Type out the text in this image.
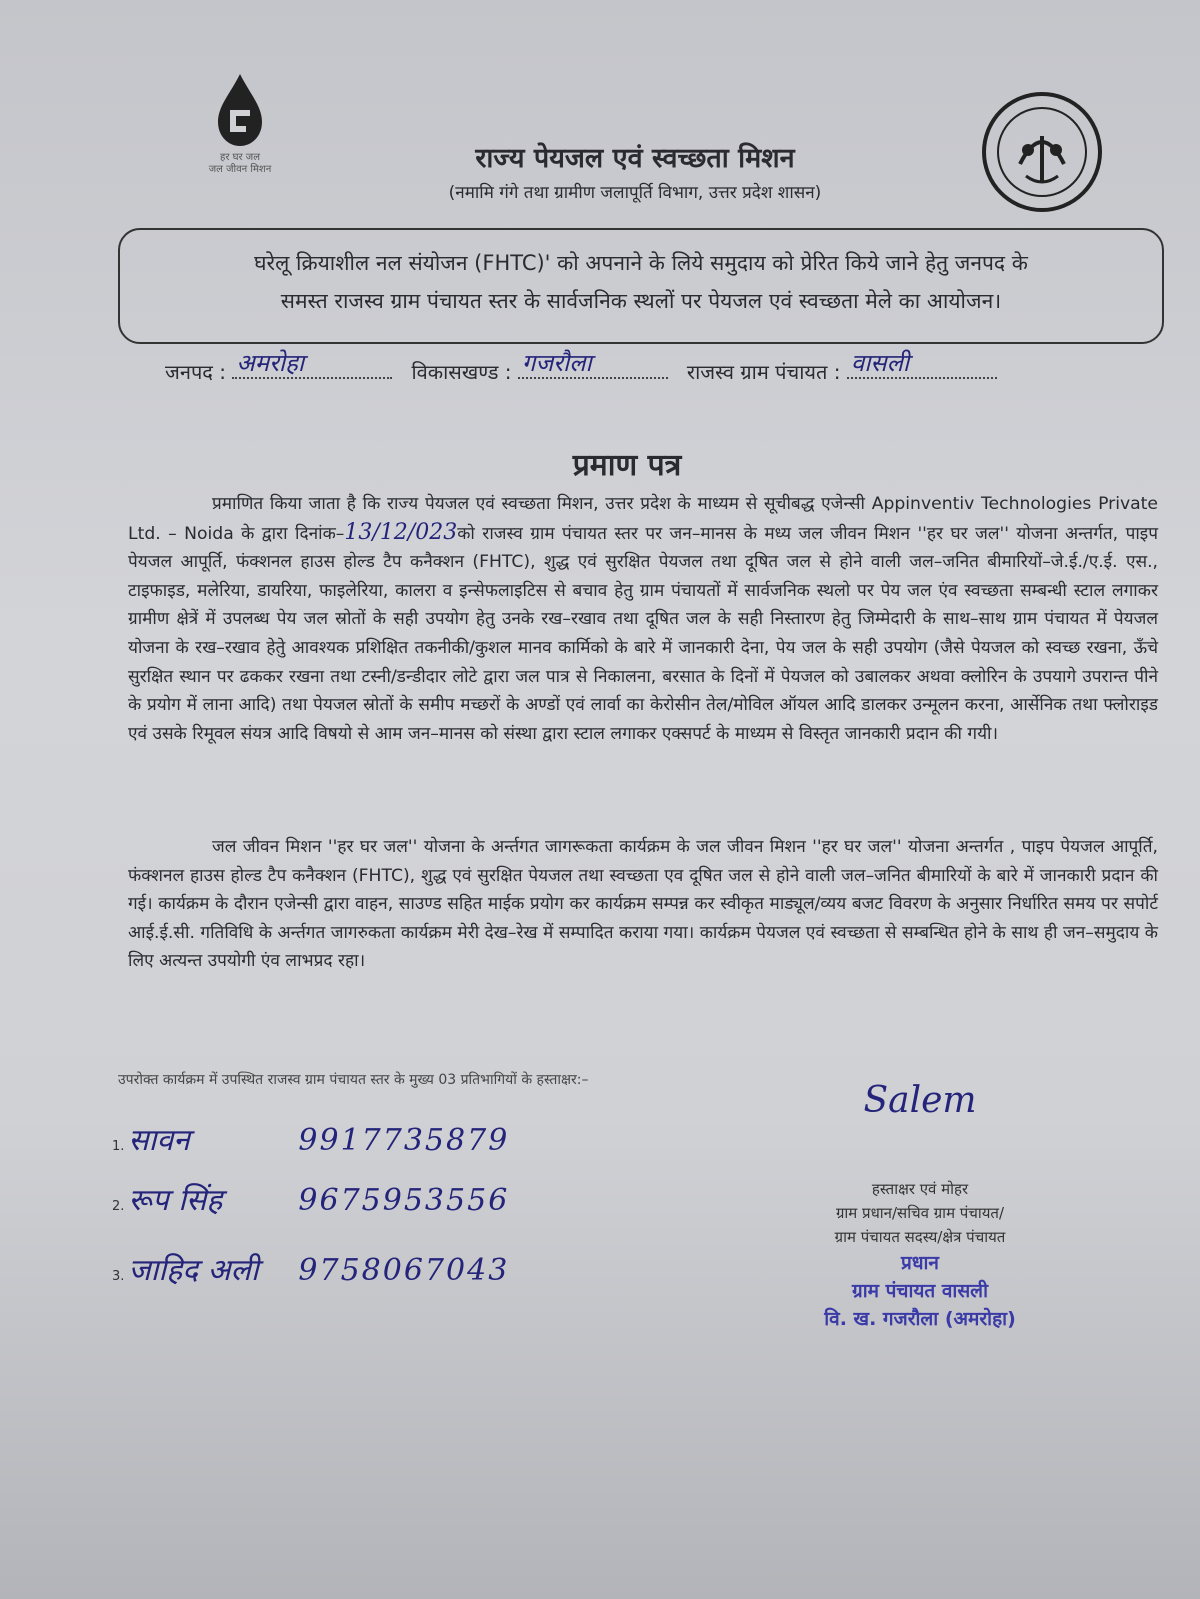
हर घर जल
जल जीवन मिशन	राज्य पेयजल एवं स्वच्छता मिशन
(नमामि गंगे तथा ग्रामीण जलापूर्ति विभाग, उत्तर प्रदेश शासन)
घरेलू क्रियाशील नल संयोजन (FHTC)' को अपनाने के लिये समुदाय को प्रेरित किये जाने हेतु जनपद के
समस्त राजस्व ग्राम पंचायत स्तर के सार्वजनिक स्थलों पर पेयजल एवं स्वच्छता मेले का आयोजन।
जनपद : अमरोहा	विकासखण्ड : गजरौला	राजस्व ग्राम पंचायत : वासली
प्रमाण पत्र
प्रमाणित किया जाता है कि राज्य पेयजल एवं स्वच्छता मिशन, उत्तर प्रदेश के माध्यम से सूचीबद्ध एजेन्सी Appinventiv Technologies Private Ltd. – Noida के द्वारा दिनांक–13/12/023को राजस्व ग्राम पंचायत स्तर पर जन–मानस के मध्य जल जीवन मिशन ''हर घर जल'' योजना अन्तर्गत, पाइप पेयजल आपूर्ति, फंक्शनल हाउस होल्ड टैप कनैक्शन (FHTC), शुद्ध एवं सुरक्षित पेयजल तथा दूषित जल से होने वाली जल–जनित बीमारियों–जे.ई./ए.ई. एस., टाइफाइड, मलेरिया, डायरिया, फाइलेरिया, कालरा व इन्सेफलाइटिस से बचाव हेतु ग्राम पंचायतों में सार्वजनिक स्थलो पर पेय जल एंव स्वच्छता सम्बन्धी स्टाल लगाकर ग्रामीण क्षेत्रें में उपलब्ध पेय जल स्रोतों के सही उपयोग हेतु उनके रख–रखाव तथा दूषित जल के सही निस्तारण हेतु जिम्मेदारी के साथ–साथ ग्राम पंचायत में पेयजल योजना के रख–रखाव हेतुे आवश्यक प्रशिक्षित तकनीकी/कुशल मानव कार्मिको के बारे में जानकारी देना, पेय जल के सही उपयोग (जैसे पेयजल को स्वच्छ रखना, ऊँचे सुरक्षित स्थान पर ढककर रखना तथा टस्नी/डन्डीदार लोटे द्वारा जल पात्र से निकालना, बरसात के दिनों में पेयजल को उबालकर अथवा क्लोरिन के उपयागे उपरान्त पीने के प्रयोग में लाना आदि) तथा पेयजल स्रोतों के समीप मच्छरों के अण्डों एवं लार्वा का केरोसीन तेल/मोविल ऑयल आदि डालकर उन्मूलन करना, आर्सेनिक तथा फ्लोराइड एवं उसके रिमूवल संयत्र आदि विषयो से आम जन–मानस को संस्था द्वारा स्टाल लगाकर एक्सपर्ट के माध्यम से विस्तृत जानकारी प्रदान की गयी।
जल जीवन मिशन ''हर घर जल'' योजना के अर्न्तगत जागरूकता कार्यक्रम के जल जीवन मिशन ''हर घर जल'' योजना अन्तर्गत , पाइप पेयजल आपूर्ति, फंक्शनल हाउस होल्ड टैप कनैक्शन (FHTC), शुद्ध एवं सुरक्षित पेयजल तथा स्वच्छता एव दूषित जल से होने वाली जल–जनित बीमारियों के बारे में जानकारी प्रदान की गई। कार्यक्रम के दौरान एजेन्सी द्वारा वाहन, साउण्ड सहित माईक प्रयोग कर कार्यक्रम सम्पन्न कर स्वीकृत माड्यूल/व्यय बजट विवरण के अनुसार निर्धारित समय पर सपोर्ट आई.ई.सी. गतिविधि के अर्न्तगत जागरुकता कार्यक्रम मेरी देख–रेख में सम्पादित कराया गया। कार्यक्रम पेयजल एवं स्वच्छता से सम्बन्धित होने के साथ ही जन–समुदाय के लिए अत्यन्त उपयोगी एंव लाभप्रद रहा।
उपरोक्त कार्यक्रम में उपस्थित राजस्व ग्राम पंचायत स्तर के मुख्य 03 प्रतिभागियों के हस्ताक्षर:–
1. सावन	9917735879
2. रूप सिंह	9675953556
3. जाहिद अली 9758067043
Salem
हस्ताक्षर एवं मोहर
ग्राम प्रधान/सचिव ग्राम पंचायत/
ग्राम पंचायत सदस्य/क्षेत्र पंचायत
प्रधान
ग्राम पंचायत वासली
वि. ख. गजरौला (अमरोहा)
